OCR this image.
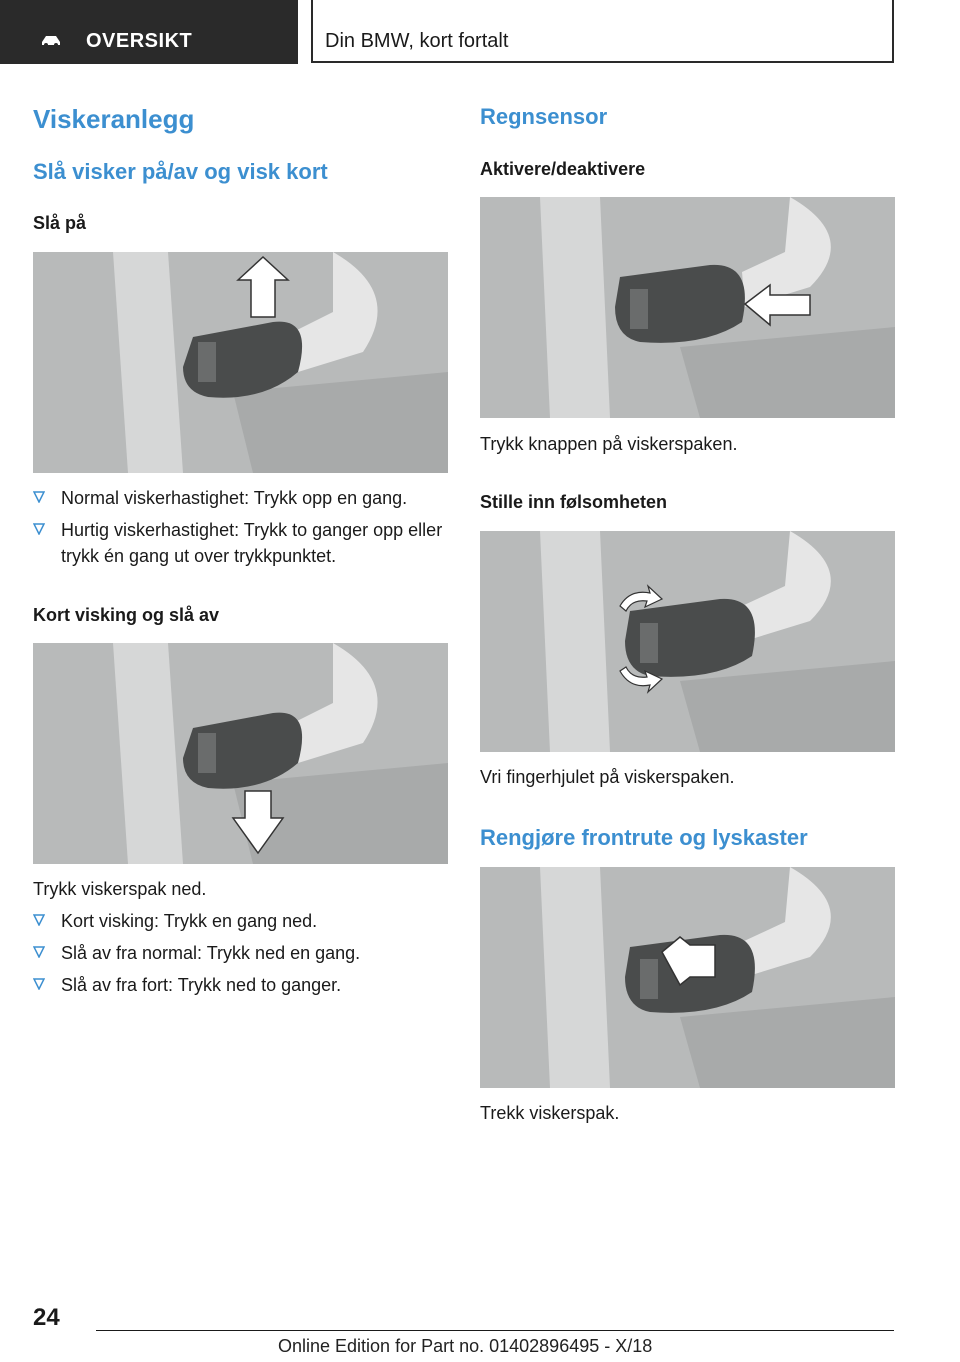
OVERSIKT	Din BMW, kort fortalt
Viskeranlegg
Slå visker på/av og visk kort
Slå på
Normal viskerhastighet: Trykk opp en gang.
Hurtig viskerhastighet: Trykk to ganger opp eller trykk én gang ut over trykkpunktet.
Kort visking og slå av
Trykk viskerspak ned.
Kort visking: Trykk en gang ned.
Slå av fra normal: Trykk ned en gang.
Slå av fra fort: Trykk ned to ganger.
Regnsensor
Aktivere/deaktivere
Trykk knappen på viskerspaken.
Stille inn følsomheten
Vri fingerhjulet på viskerspaken.
Rengjøre frontrute og lyskaster
Trekk viskerspak.
24
Online Edition for Part no. 01402896495 - X/18
